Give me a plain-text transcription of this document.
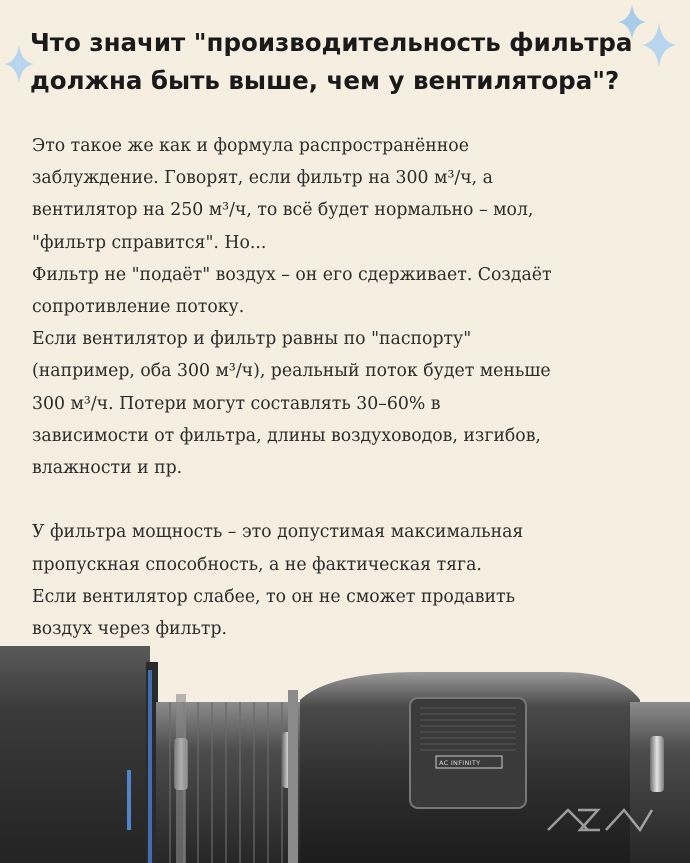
Что значит "производительность фильтра
должна быть выше, чем у вентилятора"?
Это такое же как и формула распространённое
заблуждение. Говорят, если фильтр на 300 м³/ч, а
вентилятор на 250 м³/ч, то всё будет нормально – мол,
"фильтр справится". Но...
Фильтр не "подаёт" воздух – он его сдерживает. Создаёт
сопротивление потоку.
Если вентилятор и фильтр равны по "паспорту"
(например, оба 300 м³/ч), реальный поток будет меньше
300 м³/ч. Потери могут составлять 30–60% в
зависимости от фильтра, длины воздуховодов, изгибов,
влажности и пр.
У фильтра мощность – это допустимая максимальная
пропускная способность, а не фактическая тяга.
Если вентилятор слабее, то он не сможет продавить
воздух через фильтр.
AC INFINITY
